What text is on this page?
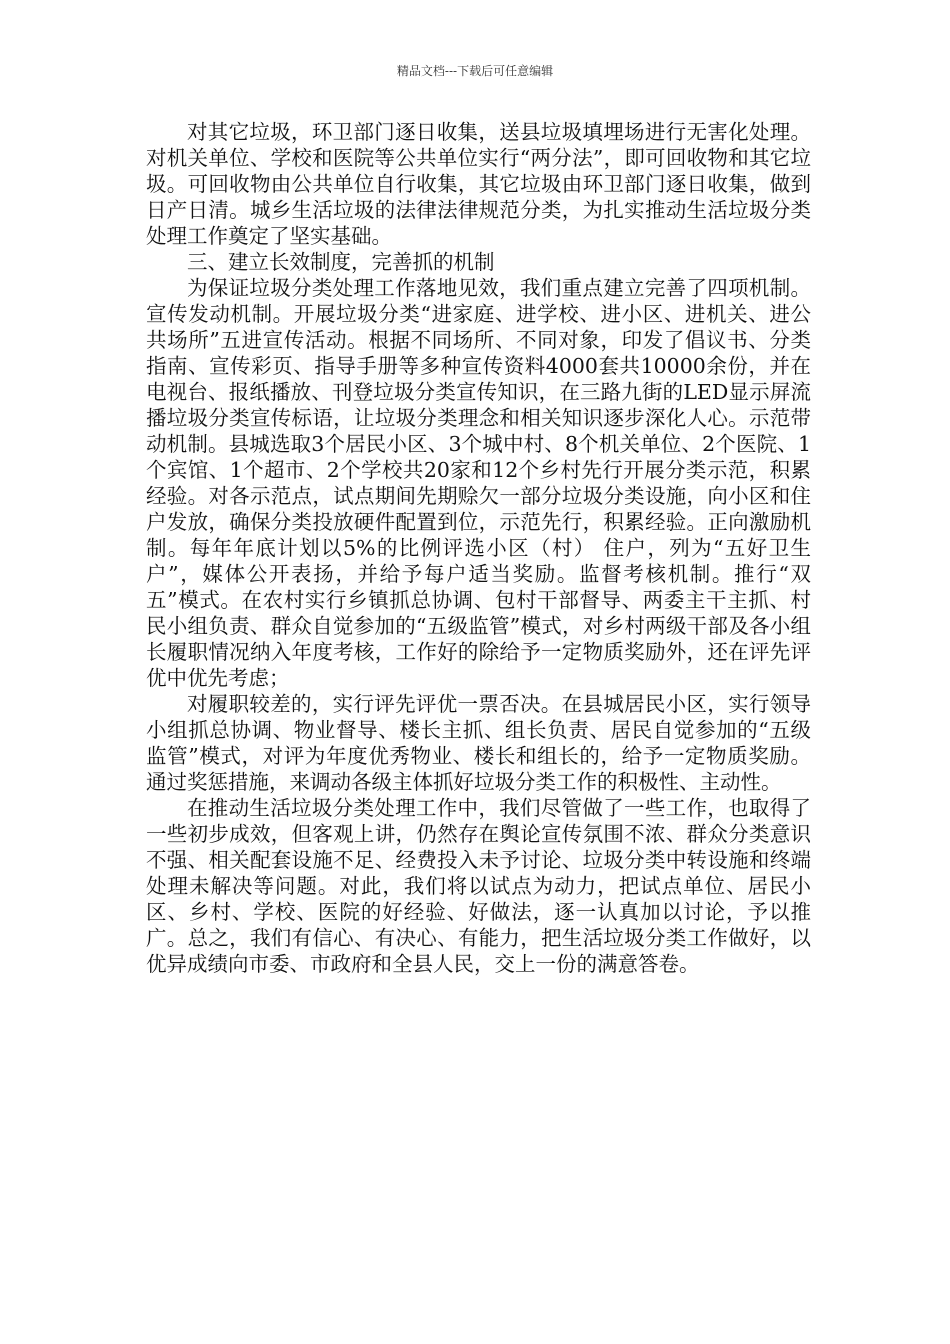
精品文档---下载后可任意编辑

对其它垃圾，环卫部门逐日收集，送县垃圾填埋场进行无害化处理。对机关单位、学校和医院等公共单位实行“两分法”，即可回收物和其它垃圾。可回收物由公共单位自行收集，其它垃圾由环卫部门逐日收集，做到日产日清。城乡生活垃圾的法律法律规范分类，为扎实推动生活垃圾分类处理工作奠定了坚实基础。

三、建立长效制度，完善抓的机制

为保证垃圾分类处理工作落地见效，我们重点建立完善了四项机制。宣传发动机制。开展垃圾分类“进家庭、进学校、进小区、进机关、进公共场所”五进宣传活动。根据不同场所、不同对象，印发了倡议书、分类指南、宣传彩页、指导手册等多种宣传资料4000套共10000余份，并在电视台、报纸播放、刊登垃圾分类宣传知识，在三路九街的LED显示屏流播垃圾分类宣传标语，让垃圾分类理念和相关知识逐步深化人心。示范带动机制。县城选取3个居民小区、3个城中村、8个机关单位、2个医院、1个宾馆、1个超市、2个学校共20家和12个乡村先行开展分类示范，积累经验。对各示范点，试点期间先期赊欠一部分垃圾分类设施，向小区和住户发放，确保分类投放硬件配置到位，示范先行，积累经验。正向激励机制。每年年底计划以5%的比例评选小区（村） 住户，列为“五好卫生户”，媒体公开表扬，并给予每户适当奖励。监督考核机制。推行“双五”模式。在农村实行乡镇抓总协调、包村干部督导、两委主干主抓、村民小组负责、群众自觉参加的“五级监管”模式，对乡村两级干部及各小组长履职情况纳入年度考核，工作好的除给予一定物质奖励外，还在评先评优中优先考虑；

对履职较差的，实行评先评优一票否决。在县城居民小区，实行领导小组抓总协调、物业督导、楼长主抓、组长负责、居民自觉参加的“五级监管”模式，对评为年度优秀物业、楼长和组长的，给予一定物质奖励。通过奖惩措施，来调动各级主体抓好垃圾分类工作的积极性、主动性。

在推动生活垃圾分类处理工作中，我们尽管做了一些工作，也取得了一些初步成效，但客观上讲，仍然存在舆论宣传氛围不浓、群众分类意识不强、相关配套设施不足、经费投入未予讨论、垃圾分类中转设施和终端处理未解决等问题。对此，我们将以试点为动力，把试点单位、居民小区、乡村、学校、医院的好经验、好做法，逐一认真加以讨论，予以推广。总之，我们有信心、有决心、有能力，把生活垃圾分类工作做好，以优异成绩向市委、市政府和全县人民，交上一份的满意答卷。
